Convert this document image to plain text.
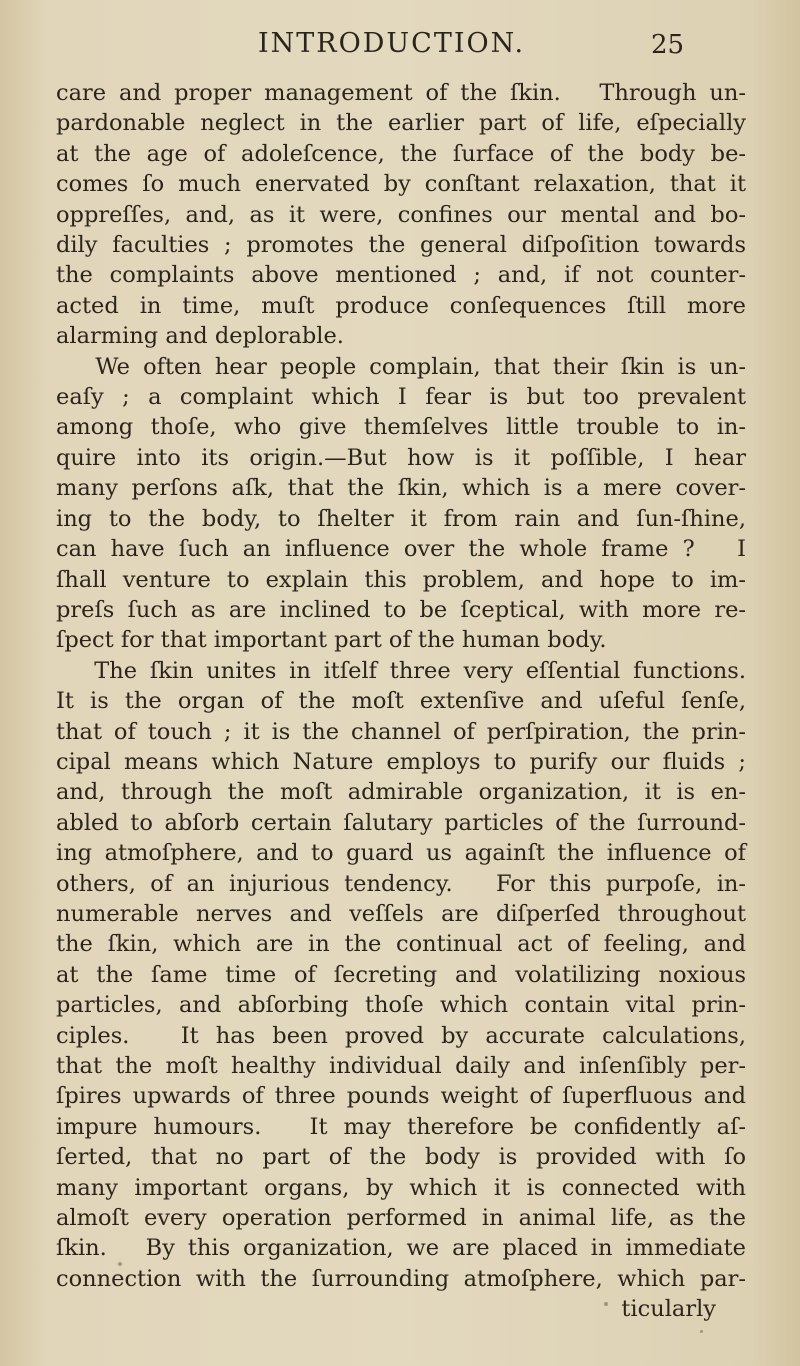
INTRODUCTION.	25
care and proper management of the ſkin.   Through un-
pardonable neglect in the earlier part of life, eſpecially
at the age of adoleſcence, the ſurface of the body be-
comes ſo much enervated by conſtant relaxation, that it
oppreſſes, and, as it were, confines our mental and bo-
dily faculties ; promotes the general diſpoſition towards
the complaints above mentioned ; and, if not counter-
acted in time, muſt produce conſequences ſtill more
alarming and deplorable.
We often hear people complain, that their ſkin is un-
eaſy ; a complaint which I fear is but too prevalent
among thoſe, who give themſelves little trouble to in-
quire into its origin.—But how is it poſſible, I hear
many perſons aſk, that the ſkin, which is a mere cover-
ing to the body, to ſhelter it from rain and ſun-ſhine,
can have ſuch an influence over the whole frame ?   I
ſhall venture to explain this problem, and hope to im-
preſs ſuch as are inclined to be ſceptical, with more re-
ſpect for that important part of the human body.
The ſkin unites in itſelf three very eſſential functions.
It is the organ of the moſt extenſive and uſeful ſenſe,
that of touch ; it is the channel of perſpiration, the prin-
cipal means which Nature employs to purify our fluids ;
and, through the moſt admirable organization, it is en-
abled to abſorb certain ſalutary particles of the ſurround-
ing atmoſphere, and to guard us againſt the influence of
others, of an injurious tendency.   For this purpoſe, in-
numerable nerves and veſſels are diſperſed throughout
the ſkin, which are in the continual act of feeling, and
at the ſame time of ſecreting and volatilizing noxious
particles, and abſorbing thoſe which contain vital prin-
ciples.   It has been proved by accurate calculations,
that the moſt healthy individual daily and inſenſibly per-
ſpires upwards of three pounds weight of ſuperfluous and
impure humours.   It may therefore be confidently aſ-
ſerted, that no part of the body is provided with ſo
many important organs, by which it is connected with
almoſt every operation performed in animal life, as the
ſkin.   By this organization, we are placed in immediate
connection with the ſurrounding atmoſphere, which par-
ticularly
